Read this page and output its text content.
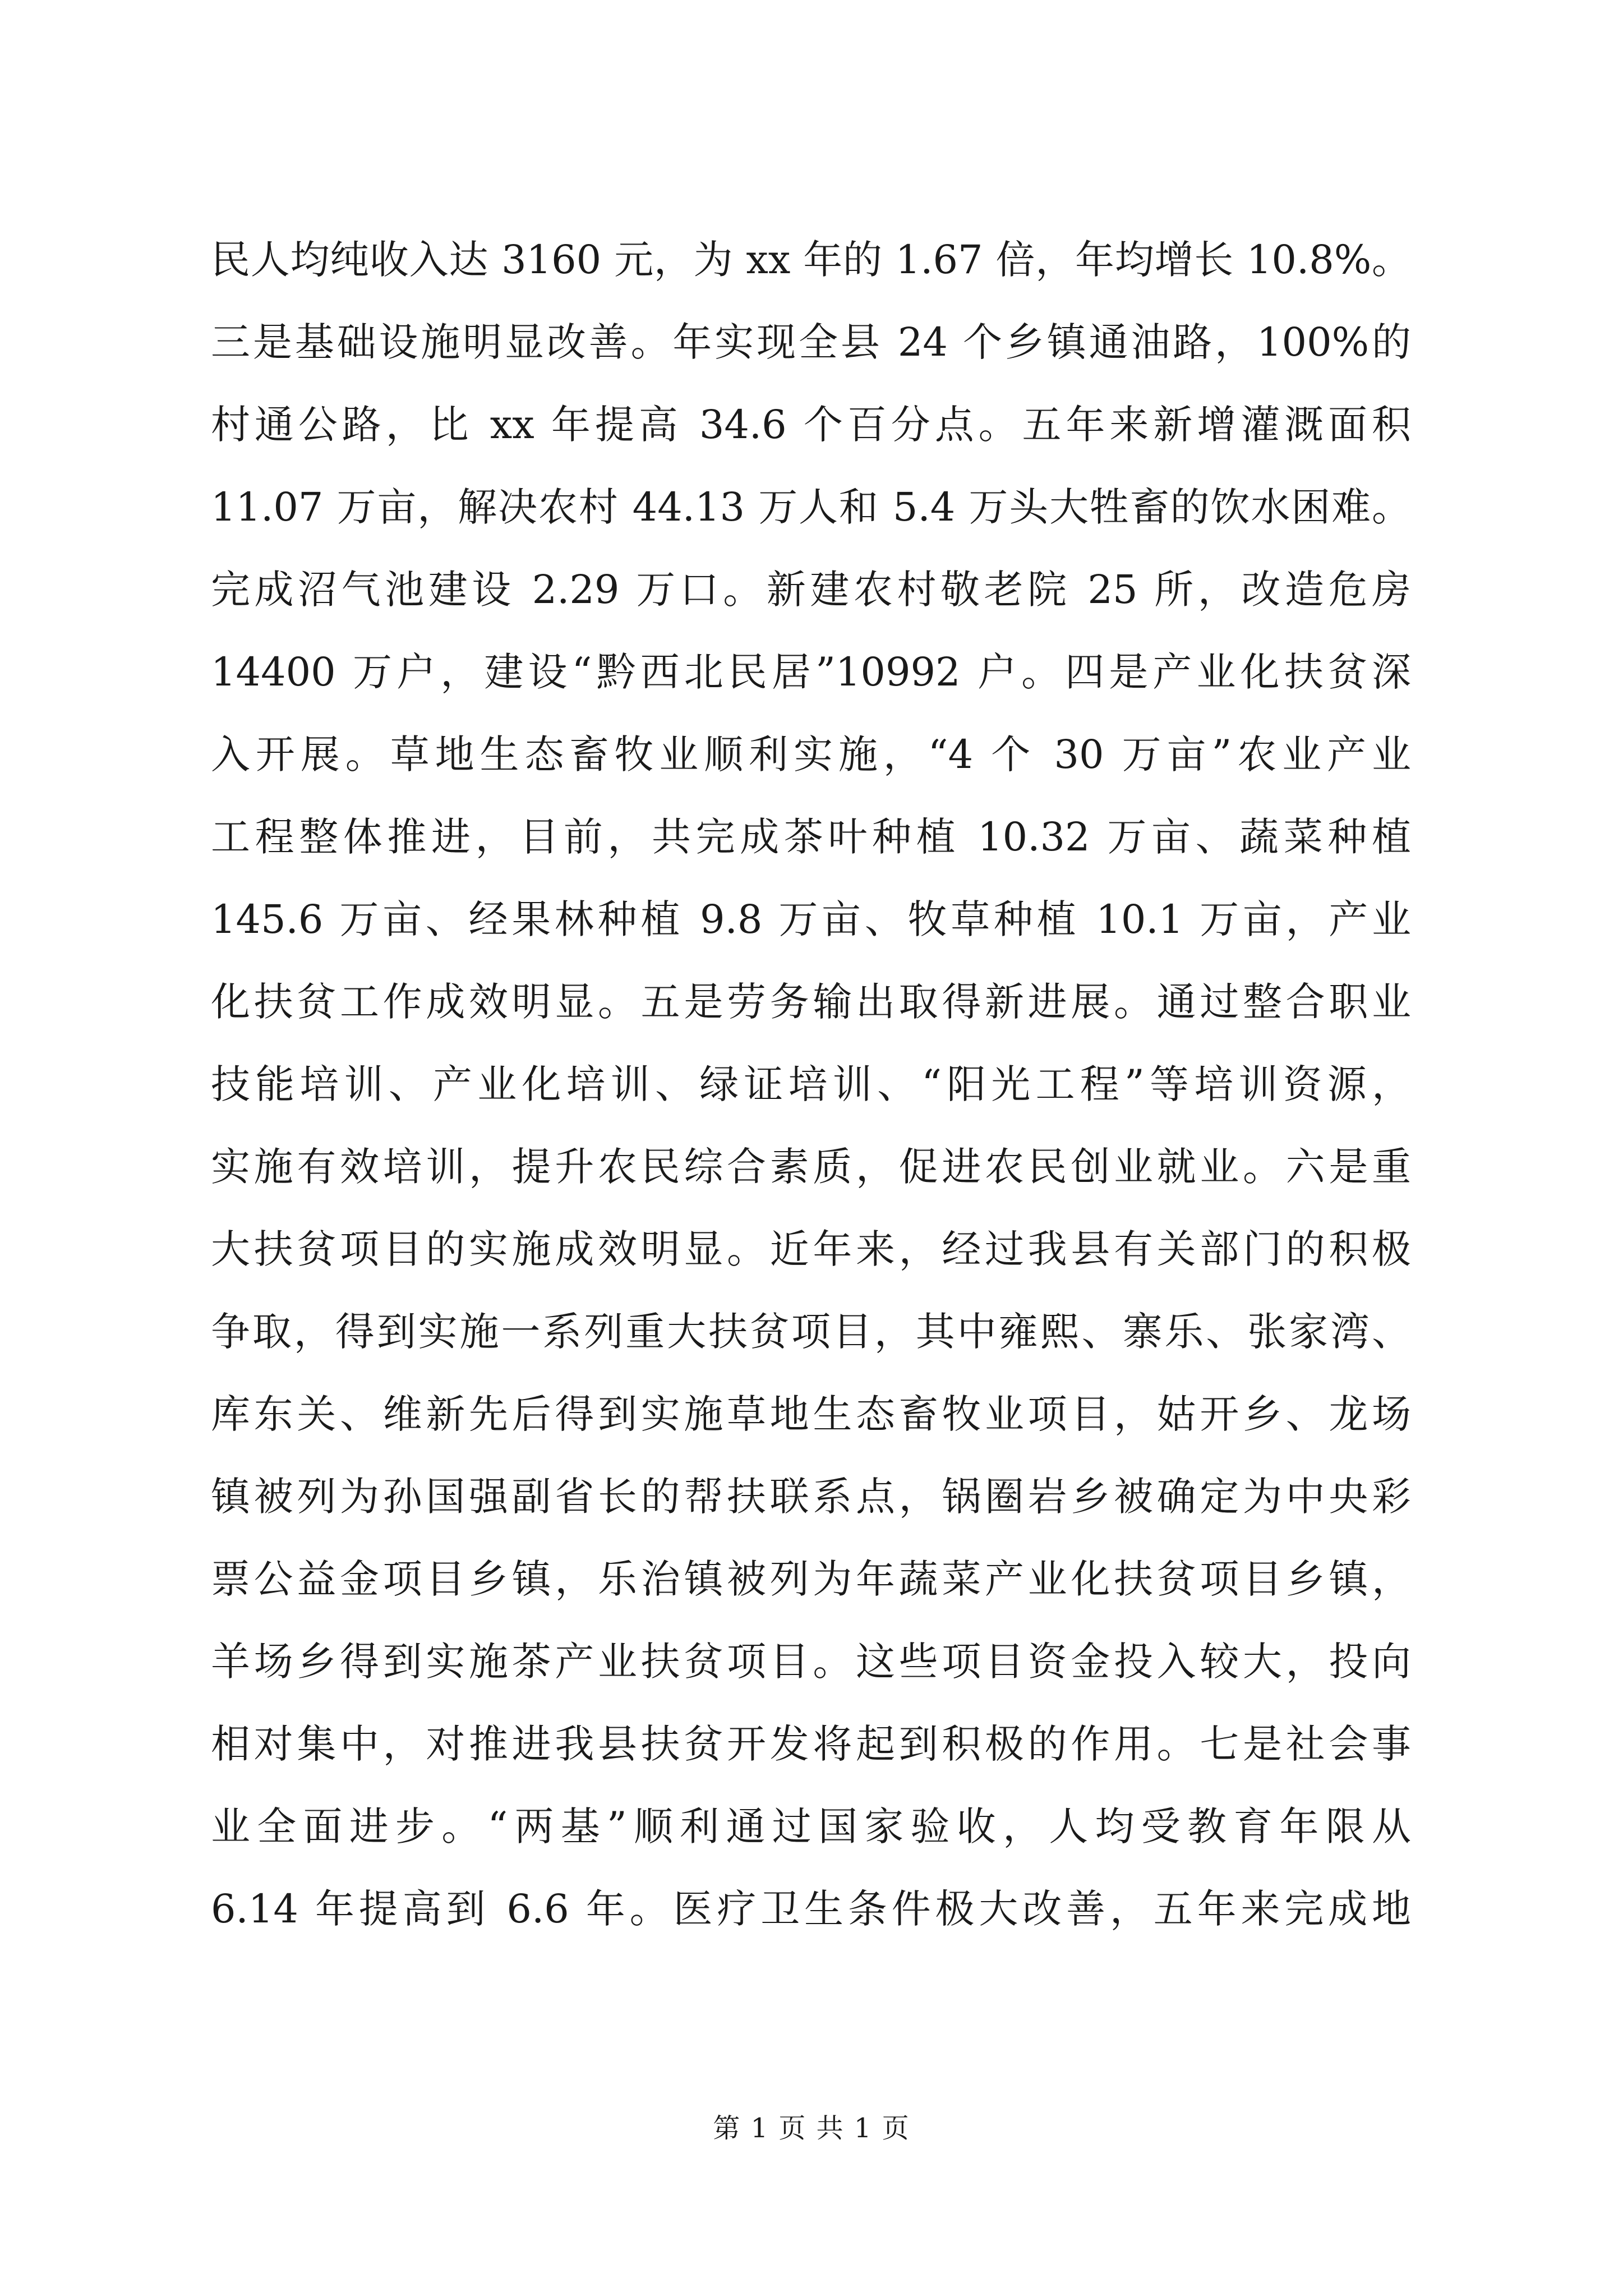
民人均纯收入达 3160 元，为 xx 年的 1.67 倍，年均增长 10.8%。
三是基础设施明显改善。年实现全县 24 个乡镇通油路，100%的
村通公路，比 xx 年提高 34.6 个百分点。五年来新增灌溉面积
11.07 万亩，解决农村 44.13 万人和 5.4 万头大牲畜的饮水困难。
完成沼气池建设 2.29 万口。新建农村敬老院 25 所，改造危房
14400 万户，建设“黔西北民居”10992 户。四是产业化扶贫深
入开展。草地生态畜牧业顺利实施，“4 个 30 万亩”农业产业
工程整体推进，目前，共完成茶叶种植 10.32 万亩、蔬菜种植
145.6 万亩、经果林种植 9.8 万亩、牧草种植 10.1 万亩，产业
化扶贫工作成效明显。五是劳务输出取得新进展。通过整合职业
技能培训、产业化培训、绿证培训、“阳光工程”等培训资源，
实施有效培训，提升农民综合素质，促进农民创业就业。六是重
大扶贫项目的实施成效明显。近年来，经过我县有关部门的积极
争取，得到实施一系列重大扶贫项目，其中雍熙、寨乐、张家湾、
库东关、维新先后得到实施草地生态畜牧业项目，姑开乡、龙场
镇被列为孙国强副省长的帮扶联系点，锅圈岩乡被确定为中央彩
票公益金项目乡镇，乐治镇被列为年蔬菜产业化扶贫项目乡镇，
羊场乡得到实施茶产业扶贫项目。这些项目资金投入较大，投向
相对集中，对推进我县扶贫开发将起到积极的作用。七是社会事
业全面进步。“两基”顺利通过国家验收，人均受教育年限从
6.14 年提高到 6.6 年。医疗卫生条件极大改善，五年来完成地
第 1 页 共 1 页
